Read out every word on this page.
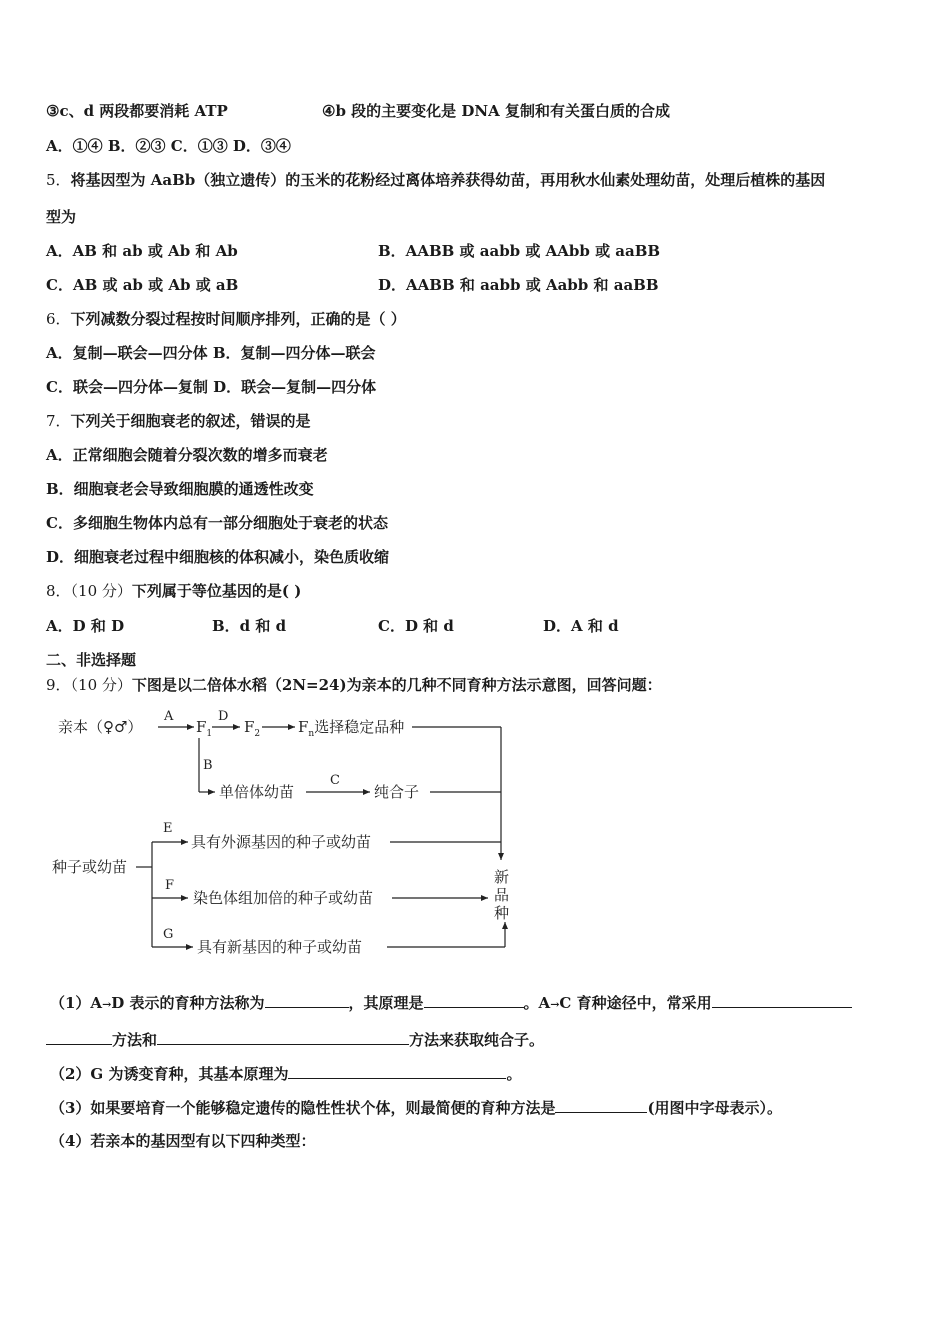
③c、d 两段都要消耗 ATP	④b 段的主要变化是 DNA 复制和有关蛋白质的合成
A．①④ B．②③ C．①③ D．③④
5．将基因型为 AaBb（独立遗传）的玉米的花粉经过离体培养获得幼苗，再用秋水仙素处理幼苗，处理后植株的基因
型为
A．AB 和 ab 或 Ab 和 Ab	B．AABB 或 aabb 或 AAbb 或 aaBB
C．AB 或 ab 或 Ab 或 aB	D．AABB 和 aabb 或 Aabb 和 aaBB
6．下列减数分裂过程按时间顺序排列，正确的是（ ）
A．复制—联会—四分体 B．复制—四分体—联会
C．联会—四分体—复制 D．联会—复制—四分体
7．下列关于细胞衰老的叙述，错误的是
A．正常细胞会随着分裂次数的增多而衰老
B．细胞衰老会导致细胞膜的通透性改变
C．多细胞生物体内总有一部分细胞处于衰老的状态
D．细胞衰老过程中细胞核的体积减小，染色质收缩
8．（10 分）下列属于等位基因的是( )
A．D 和 D	B．d 和 d	C．D 和 d	D．A 和 d
二、非选择题
9．（10 分）下图是以二倍体水稻（2N=24)为亲本的几种不同育种方法示意图，回答问题：
亲本（♀♂）
A	D
$F_1$ $F_2$	$F_n$选择稳定品种
B
单倍体幼苗
C
纯合子
种子或幼苗
E
具有外源基因的种子或幼苗
F
染色体组加倍的种子或幼苗
G
具有新基因的种子或幼苗
新
品
种
（1）A→D 表示的育种方法称为	，其原理是	。A→C 育种途径中，常采用
方法和	方法来获取纯合子。
（2）G 为诱变育种，其基本原理为	。
（3）如果要培育一个能够稳定遗传的隐性性状个体，则最简便的育种方法是	(用图中字母表示）。
（4）若亲本的基因型有以下四种类型：
